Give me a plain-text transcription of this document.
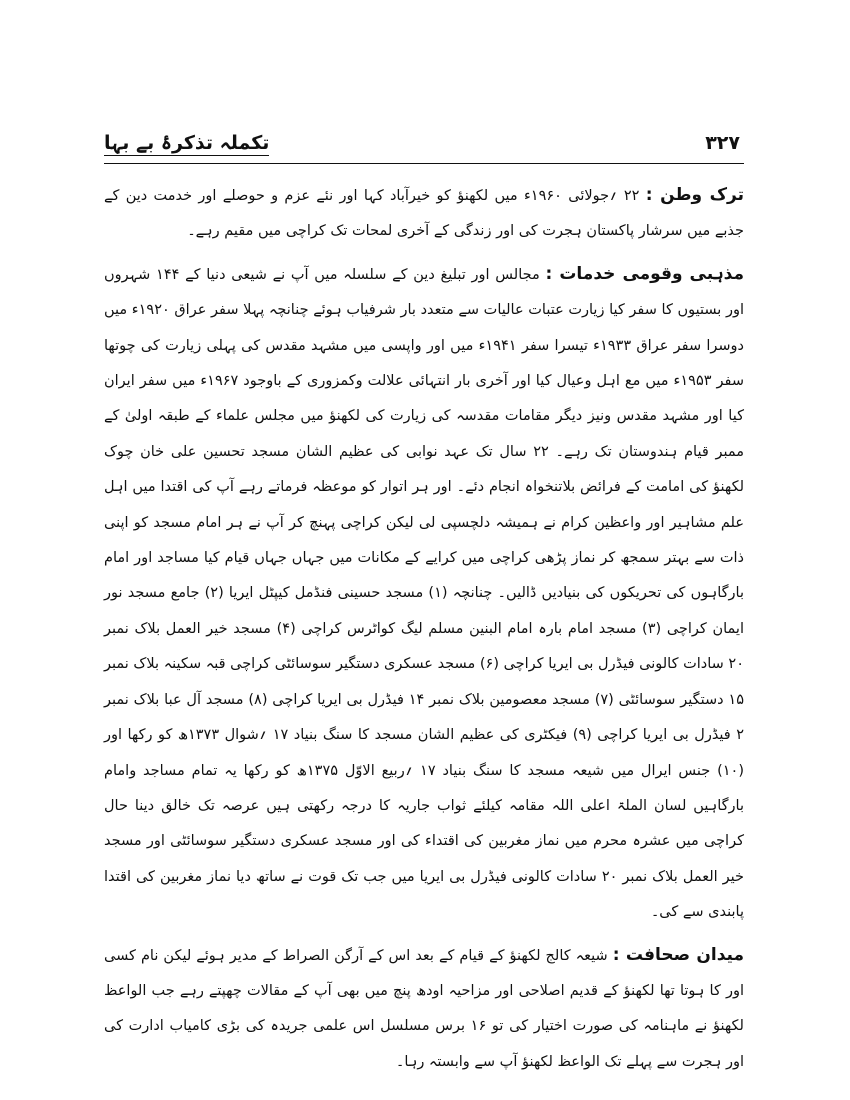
۳۲۷
تکملہ تذکرۂ بے بہا
ترک وطن : ۲۲ ؍جولائی ۱۹۶۰ء میں لکھنؤ کو خیرآباد کہا اور نئے عزم و حوصلے اور خدمت دین کے جذبے میں سرشار پاکستان ہجرت کی اور زندگی کے آخری لمحات تک کراچی میں مقیم رہے۔
مذہبی وقومی خدمات : مجالس اور تبلیغ دین کے سلسلہ میں آپ نے شیعی دنیا کے ۱۴۴ شہروں اور بستیوں کا سفر کیا زیارت عتبات عالیات سے متعدد بار شرفیاب ہوئے چنانچہ پہلا سفر عراق ۱۹۲۰ء میں دوسرا سفر عراق ۱۹۳۳ء تیسرا سفر ۱۹۴۱ء میں اور واپسی میں مشہد مقدس کی پہلی زیارت کی چوتھا سفر ۱۹۵۳ء میں مع اہل وعیال کیا اور آخری بار انتہائی علالت وکمزوری کے باوجود ۱۹۶۷ء میں سفر ایران کیا اور مشہد مقدس ونیز دیگر مقامات مقدسہ کی زیارت کی لکھنؤ میں مجلس علماء کے طبقہ اولیٰ کے ممبر قیام ہندوستان تک رہے۔ ۲۲ سال تک عہد نوابی کی عظیم الشان مسجد تحسین علی خان چوک لکھنؤ کی امامت کے فرائض بلاتنخواہ انجام دئے۔ اور ہر اتوار کو موعظہ فرماتے رہے آپ کی اقتدا میں اہل علم مشاہیر اور واعظین کرام نے ہمیشہ دلچسپی لی لیکن کراچی پہنچ کر آپ نے ہر امام مسجد کو اپنی ذات سے بہتر سمجھ کر نماز پڑھی کراچی میں کرایے کے مکانات میں جہاں جہاں قیام کیا مساجد اور امام بارگاہوں کی تحریکوں کی بنیادیں ڈالیں۔ چنانچہ (۱) مسجد حسینی فنڈمل کیپٹل ایریا (۲) جامع مسجد نور ایمان کراچی (۳) مسجد امام بارہ امام البنین مسلم لیگ کواٹرس کراچی (۴) مسجد خیر العمل بلاک نمبر ۲۰ سادات کالونی فیڈرل بی ایریا کراچی (۶) مسجد عسکری دستگیر سوسائٹی کراچی قبہ سکینہ بلاک نمبر ۱۵ دستگیر سوسائٹی (۷) مسجد معصومین بلاک نمبر ۱۴ فیڈرل بی ایریا کراچی (۸) مسجد آل عبا بلاک نمبر ۲ فیڈرل بی ایریا کراچی (۹) فیکٹری کی عظیم الشان مسجد کا سنگ بنیاد ۱۷ ؍شوال ۱۳۷۳ھ کو رکھا اور (۱۰) جنس ایرال میں شیعہ مسجد کا سنگ بنیاد ۱۷ ؍ربیع الاوّل ۱۳۷۵ھ کو رکھا یہ تمام مساجد وامام بارگاہیں لسان الملۃ اعلی اللہ مقامہ کیلئے ثواب جاریہ کا درجہ رکھتی ہیں عرصہ تک خالق دینا حال کراچی میں عشرہ محرم میں نماز مغربین کی اقتداء کی اور مسجد عسکری دستگیر سوسائٹی اور مسجد خیر العمل بلاک نمبر ۲۰ سادات کالونی فیڈرل بی ایریا میں جب تک قوت نے ساتھ دیا نماز مغربین کی اقتدا پابندی سے کی۔
میدان صحافت : شیعہ کالج لکھنؤ کے قیام کے بعد اس کے آرگن الصراط کے مدیر ہوئے لیکن نام کسی اور کا ہوتا تھا لکھنؤ کے قدیم اصلاحی اور مزاحیہ اودھ پنچ میں بھی آپ کے مقالات چھپتے رہے جب الواعظ لکھنؤ نے ماہنامہ کی صورت اختیار کی تو ۱۶ برس مسلسل اس علمی جریدہ کی بڑی کامیاب ادارت کی اور ہجرت سے پہلے تک الواعظ لکھنؤ آپ سے وابستہ رہا۔
